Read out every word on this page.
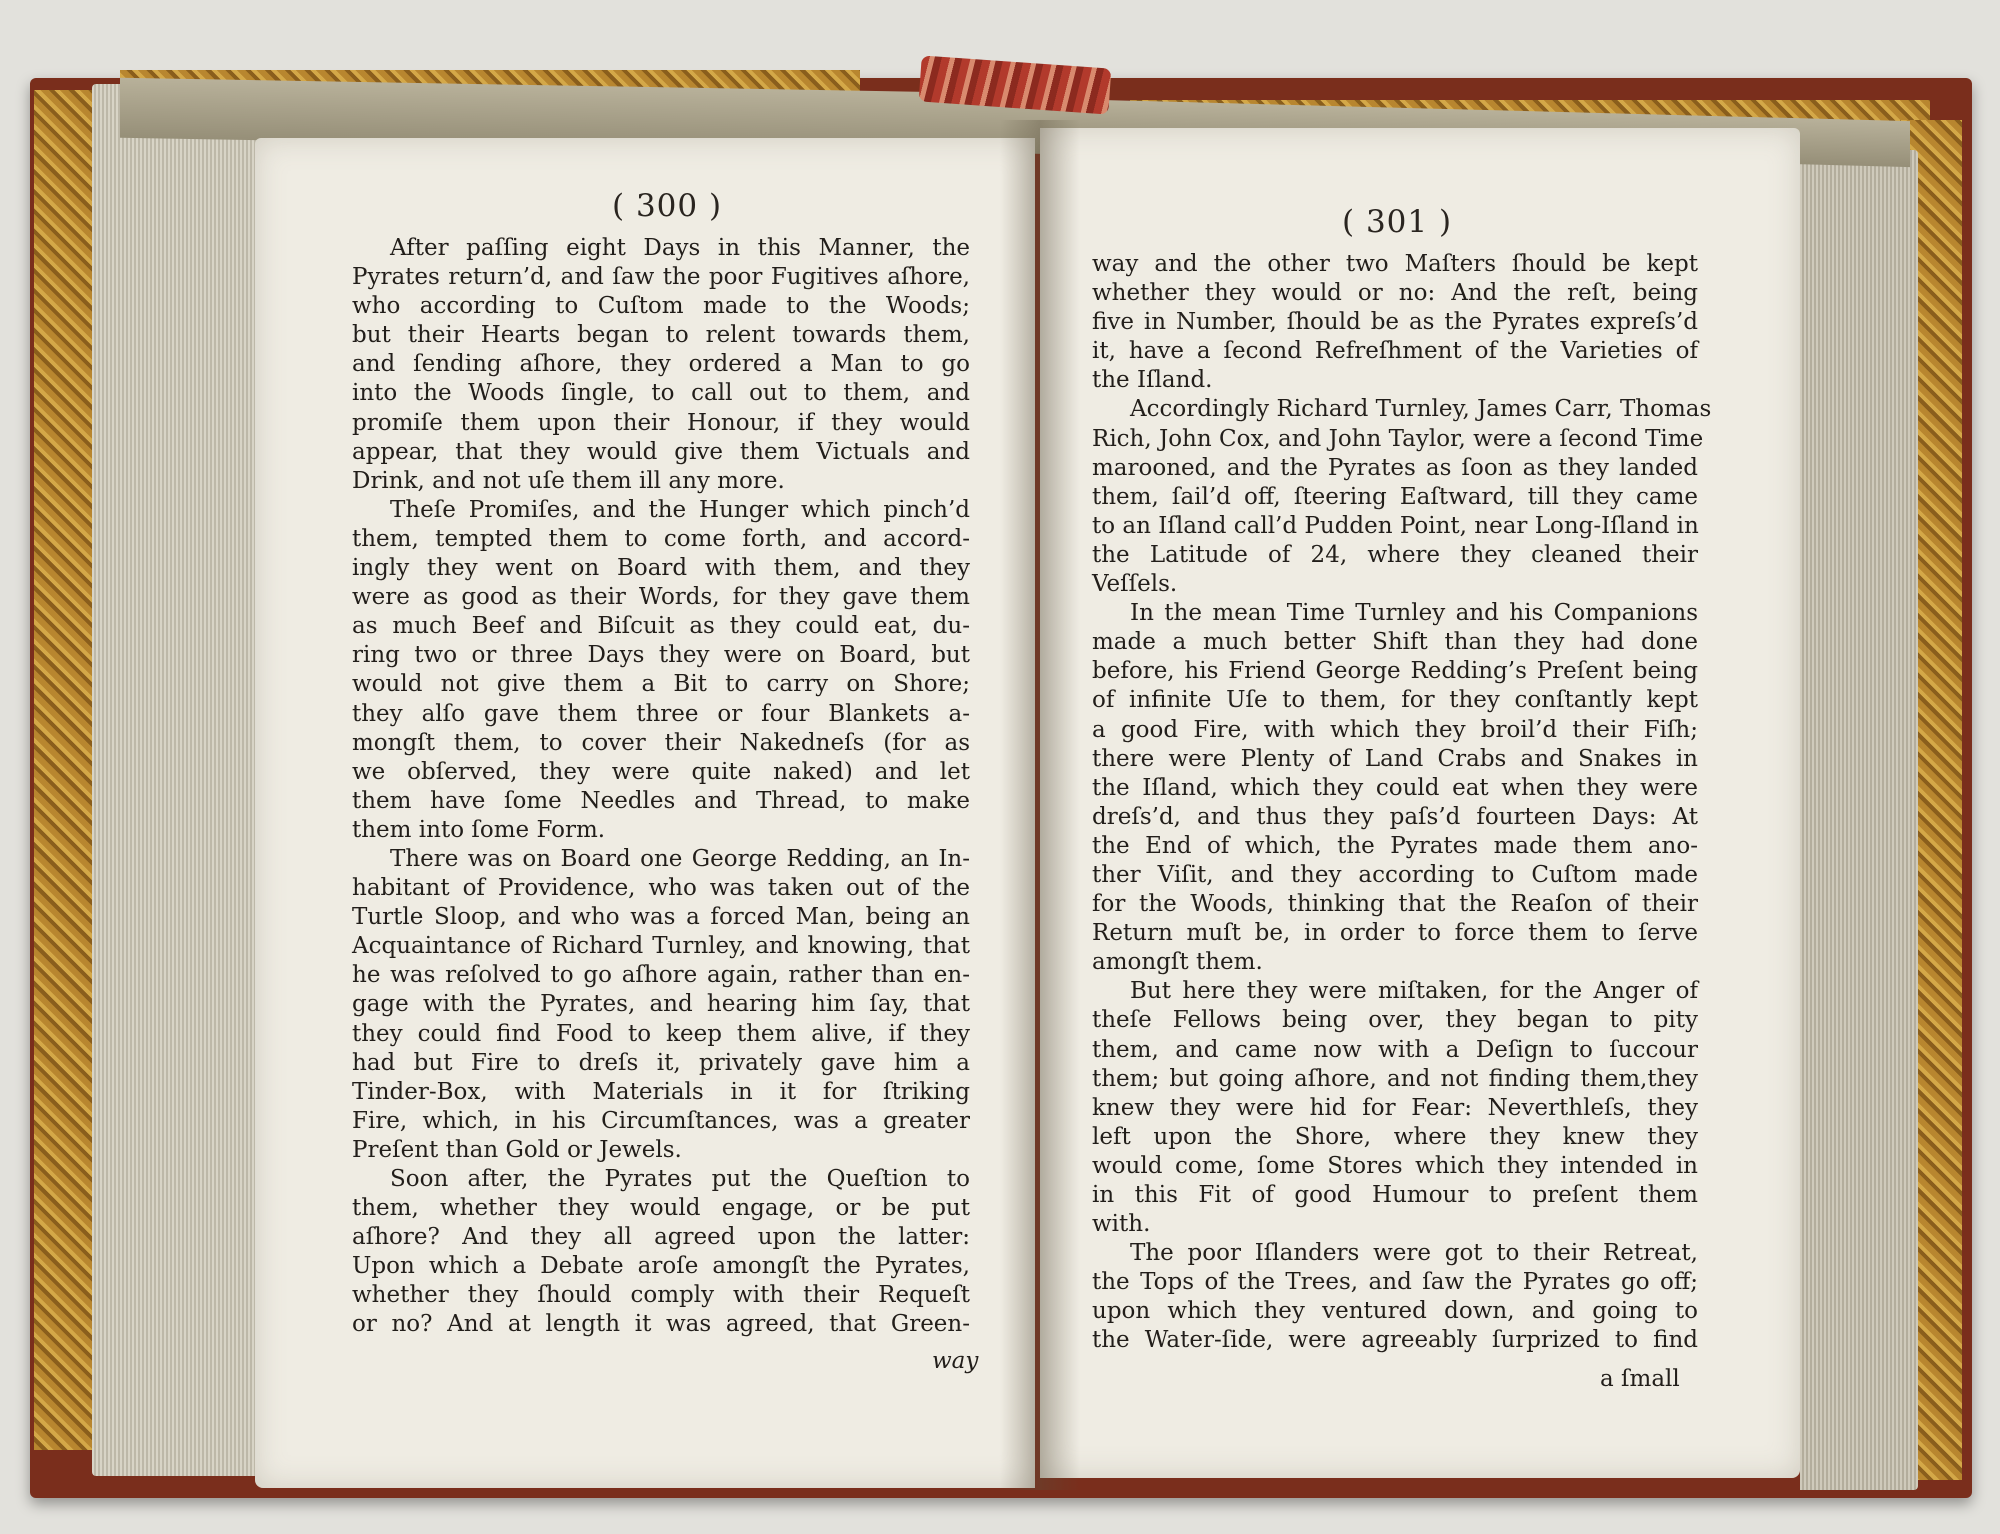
( 300 )

After paſſing eight Days in this Manner, the

Pyrates return’d, and ſaw the poor Fugitives aſhore,

who according to Cuſtom made to the Woods;

but their Hearts began to relent towards them,

and ſending aſhore, they ordered a Man to go

into the Woods ſingle, to call out to them, and

promiſe them upon their Honour, if they would

appear, that they would give them Victuals and

Drink, and not uſe them ill any more.

Theſe Promiſes, and the Hunger which pinch’d

them, tempted them to come forth, and accord-

ingly they went on Board with them, and they

were as good as their Words, for they gave them

as much Beef and Biſcuit as they could eat, du-

ring two or three Days they were on Board, but

would not give them a Bit to carry on Shore;

they alſo gave them three or four Blankets a-

mongſt them, to cover their Nakedneſs (for as

we obſerved, they were quite naked) and let

them have ſome Needles and Thread, to make

them into ſome Form.

There was on Board one George Redding, an In-

habitant of Providence, who was taken out of the

Turtle Sloop, and who was a forced Man, being an

Acquaintance of Richard Turnley, and knowing, that

he was reſolved to go aſhore again, rather than en-

gage with the Pyrates, and hearing him ſay, that

they could find Food to keep them alive, if they

had but Fire to dreſs it, privately gave him a

Tinder-Box, with Materials in it for ſtriking

Fire, which, in his Circumſtances, was a greater

Preſent than Gold or Jewels.

Soon after, the Pyrates put the Queſtion to

them, whether they would engage, or be put

aſhore? And they all agreed upon the latter:

Upon which a Debate aroſe amongſt the Pyrates,

whether they ſhould comply with their Requeſt

or no? And at length it was agreed, that Green-

way
( 301 )

way and the other two Maſters ſhould be kept

whether they would or no: And the reſt, being

five in Number, ſhould be as the Pyrates expreſs’d

it, have a ſecond Refreſhment of the Varieties of

the Iſland.

Accordingly Richard Turnley, James Carr, Thomas

Rich, John Cox, and John Taylor, were a ſecond Time

marooned, and the Pyrates as ſoon as they landed

them, ſail’d off, ſteering Eaſtward, till they came

to an Iſland call’d Pudden Point, near Long-Iſland in

the Latitude of 24, where they cleaned their

Veſſels.

In the mean Time Turnley and his Companions

made a much better Shift than they had done

before, his Friend George Redding’s Preſent being

of infinite Uſe to them, for they conſtantly kept

a good Fire, with which they broil’d their Fiſh;

there were Plenty of Land Crabs and Snakes in

the Iſland, which they could eat when they were

dreſs’d, and thus they paſs’d fourteen Days: At

the End of which, the Pyrates made them ano-

ther Viſit, and they according to Cuſtom made

for the Woods, thinking that the Reaſon of their

Return muſt be, in order to force them to ſerve

amongſt them.

But here they were miſtaken, for the Anger of

theſe Fellows being over, they began to pity

them, and came now with a Deſign to ſuccour

them; but going aſhore, and not finding them,they

knew they were hid for Fear: Neverthleſs, they

left upon the Shore, where they knew they

would come, ſome Stores which they intended in

in this Fit of good Humour to preſent them

with.

The poor Iſlanders were got to their Retreat,

the Tops of the Trees, and ſaw the Pyrates go off;

upon which they ventured down, and going to

the Water-ſide, were agreeably ſurprized to find

a ſmall
